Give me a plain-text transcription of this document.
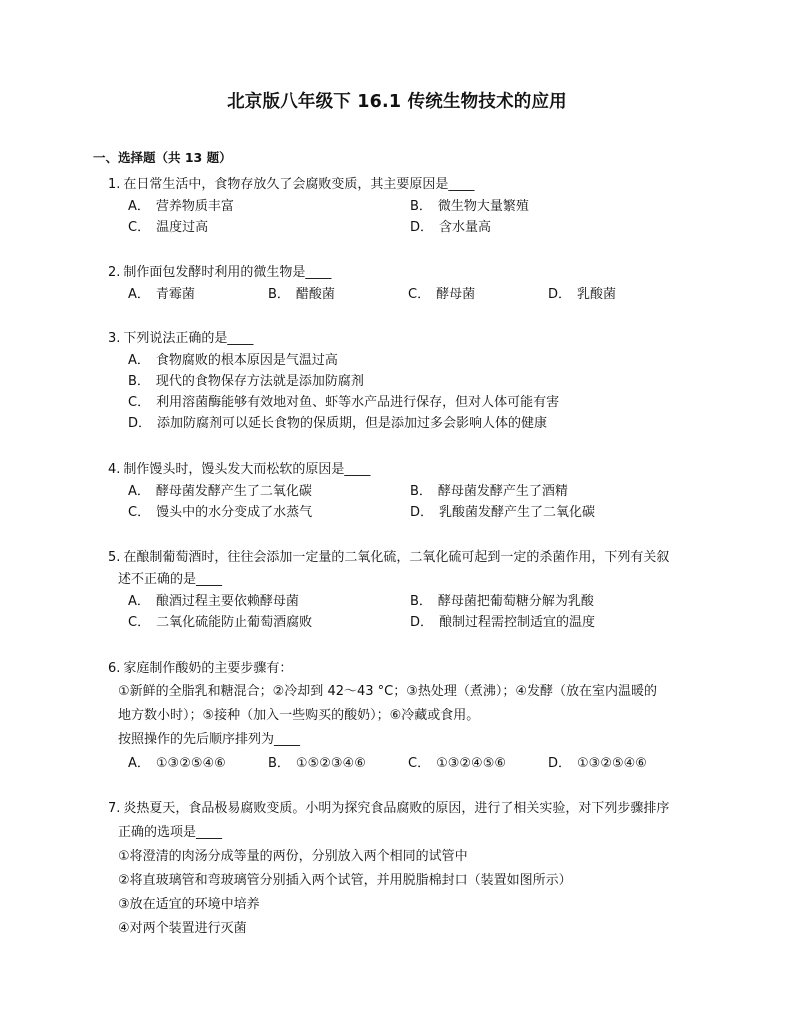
北京版八年级下 16.1 传统生物技术的应用
一、选择题（共 13 题）
1. 在日常生活中，食物存放久了会腐败变质，其主要原因是____
A． 营养物质丰富	B． 微生物大量繁殖
C． 温度过高	D． 含水量高
2. 制作面包发酵时利用的微生物是____
A． 青霉菌	B． 醋酸菌	C． 酵母菌	D． 乳酸菌
3. 下列说法正确的是____
A． 食物腐败的根本原因是气温过高
B． 现代的食物保存方法就是添加防腐剂
C． 利用溶菌酶能够有效地对鱼、虾等水产品进行保存，但对人体可能有害
D． 添加防腐剂可以延长食物的保质期，但是添加过多会影响人体的健康
4. 制作馒头时，馒头发大而松软的原因是____
A． 酵母菌发酵产生了二氧化碳	B． 酵母菌发酵产生了酒精
C． 馒头中的水分变成了水蒸气	D． 乳酸菌发酵产生了二氧化碳
5. 在酿制葡萄酒时，往往会添加一定量的二氧化硫，二氧化硫可起到一定的杀菌作用，下列有关叙
述不正确的是____
A． 酿酒过程主要依赖酵母菌	B． 酵母菌把葡萄糖分解为乳酸
C． 二氧化硫能防止葡萄酒腐败	D． 酿制过程需控制适宜的温度
6. 家庭制作酸奶的主要步骤有：
①新鲜的全脂乳和糖混合；②冷却到 42～43 °C；③热处理（煮沸）；④发酵（放在室内温暖的
地方数小时）；⑤接种（加入一些购买的酸奶）；⑥冷藏或食用。
按照操作的先后顺序排列为____
A． ①③②⑤④⑥	B． ①⑤②③④⑥	C． ①③②④⑤⑥	D． ①③②⑤④⑥
7. 炎热夏天，食品极易腐败变质。小明为探究食品腐败的原因，进行了相关实验，对下列步骤排序
正确的选项是____
①将澄清的肉汤分成等量的两份，分别放入两个相同的试管中
②将直玻璃管和弯玻璃管分别插入两个试管，并用脱脂棉封口（装置如图所示）
③放在适宜的环境中培养
④对两个装置进行灭菌
